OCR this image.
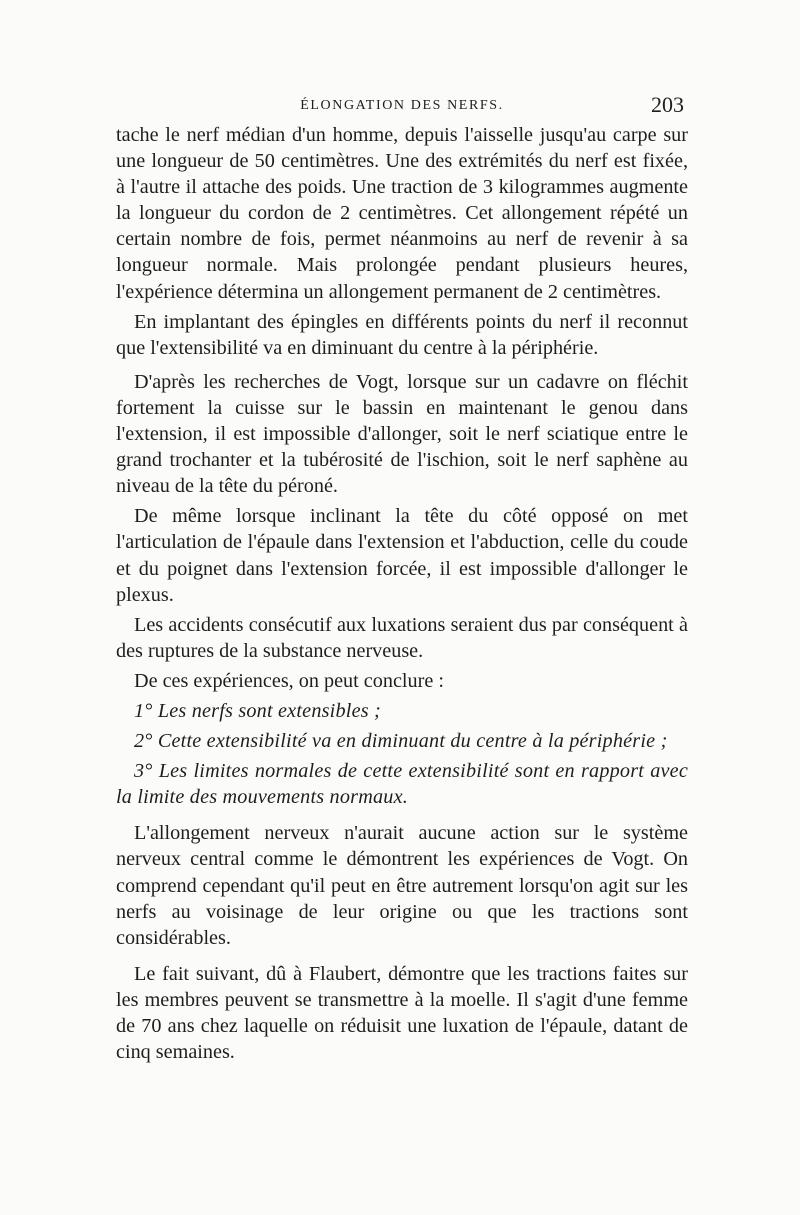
ÉLONGATION DES NERFS.	203

tache le nerf médian d'un homme, depuis l'aisselle jusqu'au carpe sur une longueur de 50 centimètres. Une des extrémités du nerf est fixée, à l'autre il attache des poids. Une traction de 3 kilogrammes augmente la longueur du cordon de 2 centimètres. Cet allongement répété un certain nombre de fois, permet néanmoins au nerf de revenir à sa longueur normale. Mais prolongée pendant plusieurs heures, l'expérience détermina un allongement permanent de 2 centimètres.

En implantant des épingles en différents points du nerf il reconnut que l'extensibilité va en diminuant du centre à la périphérie.

D'après les recherches de Vogt, lorsque sur un cadavre on fléchit fortement la cuisse sur le bassin en maintenant le genou dans l'extension, il est impossible d'allonger, soit le nerf sciatique entre le grand trochanter et la tubérosité de l'ischion, soit le nerf saphène au niveau de la tête du péroné.

De même lorsque inclinant la tête du côté opposé on met l'articulation de l'épaule dans l'extension et l'abduction, celle du coude et du poignet dans l'extension forcée, il est impossible d'allonger le plexus.

Les accidents consécutif aux luxations seraient dus par conséquent à des ruptures de la substance nerveuse.

De ces expériences, on peut conclure :

1° Les nerfs sont extensibles ;

2° Cette extensibilité va en diminuant du centre à la périphérie ;

3° Les limites normales de cette extensibilité sont en rapport avec la limite des mouvements normaux.

L'allongement nerveux n'aurait aucune action sur le système nerveux central comme le démontrent les expériences de Vogt. On comprend cependant qu'il peut en être autrement lorsqu'on agit sur les nerfs au voisinage de leur origine ou que les tractions sont considérables.

Le fait suivant, dû à Flaubert, démontre que les tractions faites sur les membres peuvent se transmettre à la moelle. Il s'agit d'une femme de 70 ans chez laquelle on réduisit une luxation de l'épaule, datant de cinq semaines.
